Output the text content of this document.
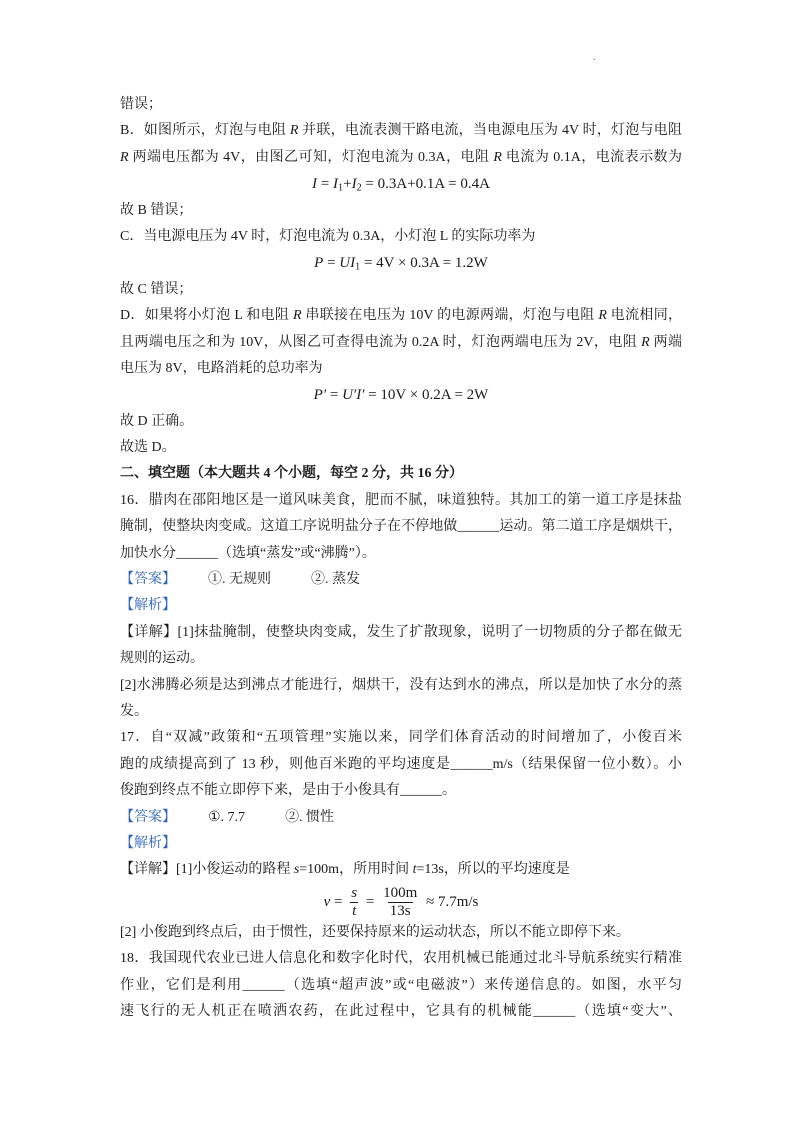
.
错误；
B．如图所示，灯泡与电阻 R 并联，电流表测干路电流，当电源电压为 4V 时，灯泡与电阻
R 两端电压都为 4V，由图乙可知，灯泡电流为 0.3A，电阻 R 电流为 0.1A，电流表示数为
$I = I_1+I_2 = 0.3A+0.1A = 0.4A$
故 B 错误；
C．当电源电压为 4V 时，灯泡电流为 0.3A，小灯泡 L 的实际功率为
$P = UI_1 = 4V \times 0.3A = 1.2W$
故 C 错误；
D．如果将小灯泡 L 和电阻 R 串联接在电压为 10V 的电源两端，灯泡与电阻 R 电流相同，
且两端电压之和为 10V，从图乙可查得电流为 0.2A 时，灯泡两端电压为 2V，电阻 R 两端
电压为 8V，电路消耗的总功率为
P′ = U′I′ = 10V × 0.2A = 2W
故 D 正确。
故选 D。
二、填空题（本大题共 4 个小题，每空 2 分，共 16 分）
16．腊肉在邵阳地区是一道风味美食，肥而不腻，味道独特。其加工的第一道工序是抹盐
腌制，使整块肉变咸。这道工序说明盐分子在不停地做______运动。第二道工序是烟烘干，
加快水分______（选填“蒸发”或“沸腾”）。
【答案】 ①. 无规则	②. 蒸发
【解析】
【详解】[1]抹盐腌制，使整块肉变咸，发生了扩散现象，说明了一切物质的分子都在做无
规则的运动。
[2]水沸腾必须是达到沸点才能进行，烟烘干，没有达到水的沸点，所以是加快了水分的蒸
发。
17．自“双减”政策和“五项管理”实施以来，同学们体育活动的时间增加了，小俊百米
跑的成绩提高到了 13 秒，则他百米跑的平均速度是______m/s（结果保留一位小数）。小
俊跑到终点不能立即停下来，是由于小俊具有______。
【答案】 ①. 7.7	②. 惯性
【解析】
【详解】[1]小俊运动的路程 s=100m，所用时间 t=13s，所以的平均速度是
$v = \frac{s}{t} = \frac{100m}{13s} \approx 7.7m/s$
[2] 小俊跑到终点后，由于惯性，还要保持原来的运动状态，所以不能立即停下来。
18．我国现代农业已进人信息化和数字化时代，农用机械已能通过北斗导航系统实行精准
作业，它们是利用______（选填“超声波”或“电磁波”）来传递信息的。如图，水平匀
速飞行的无人机正在喷洒农药，在此过程中，它具有的机械能______（选填“变大”、
